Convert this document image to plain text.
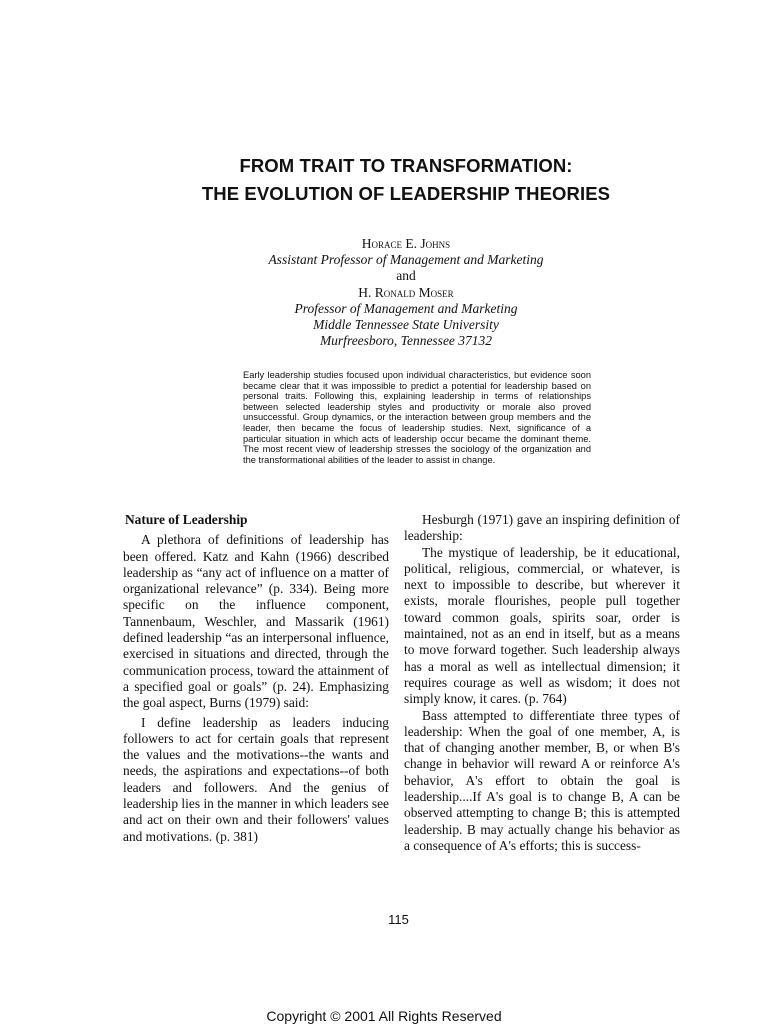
FROM TRAIT TO TRANSFORMATION:
THE EVOLUTION OF LEADERSHIP THEORIES
Horace E. Johns
Assistant Professor of Management and Marketing
and
H. Ronald Moser
Professor of Management and Marketing
Middle Tennessee State University
Murfreesboro, Tennessee 37132
Early leadership studies focused upon individual characteristics, but evidence soon became clear that it was impossible to predict a potential for leadership based on personal traits. Following this, explaining leadership in terms of relationships between selected leadership styles and productivity or morale also proved unsuccessful. Group dynamics, or the interaction between group members and the leader, then became the focus of leadership studies. Next, significance of a particular situation in which acts of leadership occur became the dominant theme. The most recent view of leadership stresses the sociology of the organization and the transformational abilities of the leader to assist in change.

Nature of Leadership

A plethora of definitions of leadership has been offered. Katz and Kahn (1966) described leadership as “any act of influence on a matter of organizational relevance” (p. 334). Being more specific on the influence component, Tannenbaum, Weschler, and Massarik (1961) defined leadership “as an interpersonal influence, exercised in situations and directed, through the communication process, toward the attainment of a specified goal or goals” (p. 24). Emphasizing the goal aspect, Burns (1979) said:

I define leadership as leaders inducing followers to act for certain goals that represent the values and the motivations--the wants and needs, the aspirations and expectations--of both leaders and followers. And the genius of leadership lies in the manner in which leaders see and act on their own and their followers' values and motivations. (p. 381)

Hesburgh (1971) gave an inspiring definition of leadership:

The mystique of leadership, be it educational, political, religious, commercial, or whatever, is next to impossible to describe, but wherever it exists, morale flourishes, people pull together toward common goals, spirits soar, order is maintained, not as an end in itself, but as a means to move forward together. Such leadership always has a moral as well as intellectual dimension; it requires courage as well as wisdom; it does not simply know, it cares. (p. 764)

Bass attempted to differentiate three types of leadership: When the goal of one member, A, is that of changing another member, B, or when B's change in behavior will reward A or reinforce A's behavior, A's effort to obtain the goal is leadership....If A's goal is to change B, A can be observed attempting to change B; this is attempted leadership. B may actually change his behavior as a consequence of A's efforts; this is success-

115
Copyright © 2001 All Rights Reserved
